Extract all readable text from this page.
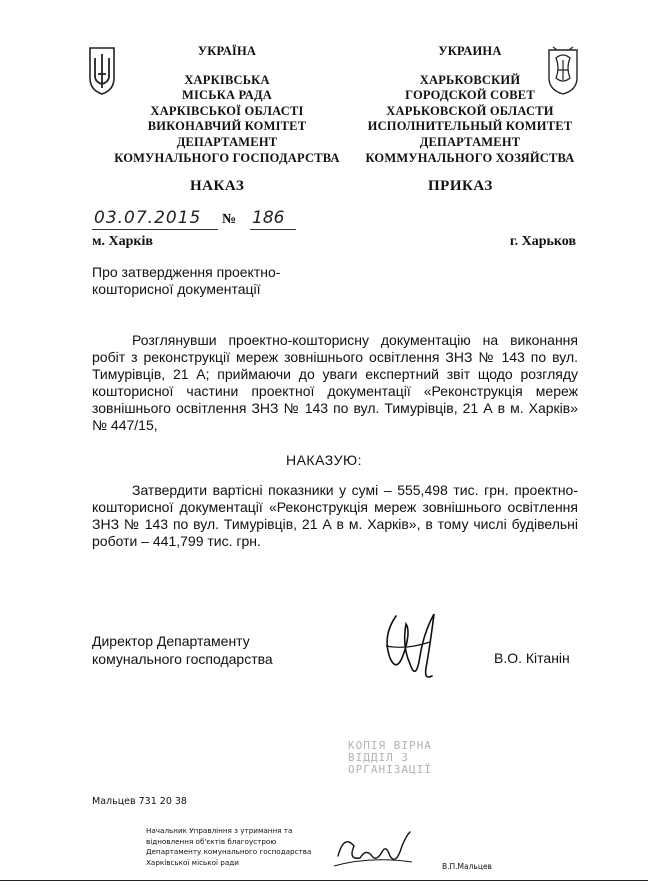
УКРАЇНА
ХАРКІВСЬКА
МІСЬКА РАДА
ХАРКІВСЬКОЇ ОБЛАСТІ
ВИКОНАВЧИЙ КОМІТЕТ
ДЕПАРТАМЕНТ
КОМУНАЛЬНОГО ГОСПОДАРСТВА
УКРАИНА
ХАРЬКОВСКИЙ
ГОРОДСКОЙ СОВЕТ
ХАРЬКОВСКОЙ ОБЛАСТИ
ИСПОЛНИТЕЛЬНЫЙ КОМИТЕТ
ДЕПАРТАМЕНТ
КОММУНАЛЬНОГО ХОЗЯЙСТВА
НАКАЗ	ПРИКАЗ
03.07.2015 № 186
м. Харків	г. Харьков
Про затвердження проектно-кошторисної документації
Розглянувши проектно-кошторисну документацію на виконання робіт з реконструкції мереж зовнішнього освітлення ЗНЗ № 143 по вул. Тимурівців, 21 А; приймаючи до уваги експертний звіт щодо розгляду кошторисної частини проектної документації «Реконструкція мереж зовнішнього освітлення ЗНЗ № 143 по вул. Тимурівців, 21 А в м. Харків» № 447/15,
НАКАЗУЮ:
Затвердити вартісні показники у сумі – 555,498 тис. грн. проектно-кошторисної документації «Реконструкція мереж зовнішнього освітлення ЗНЗ № 143 по вул. Тимурівців, 21 А в м. Харків», в тому числі будівельні роботи – 441,799 тис. грн.
Директор Департаменту
комунального господарства	В.О. Кітанін
КОПІЯ ВІРНА
ВІДДІЛ З
ОРГАНІЗАЦІЇ
Мальцев 731 20 38
Начальник Управління з утримання та
відновлення об'єктів благоустрою
Департаменту комунального господарства
Харківської міської ради	В.П.Мальцев
